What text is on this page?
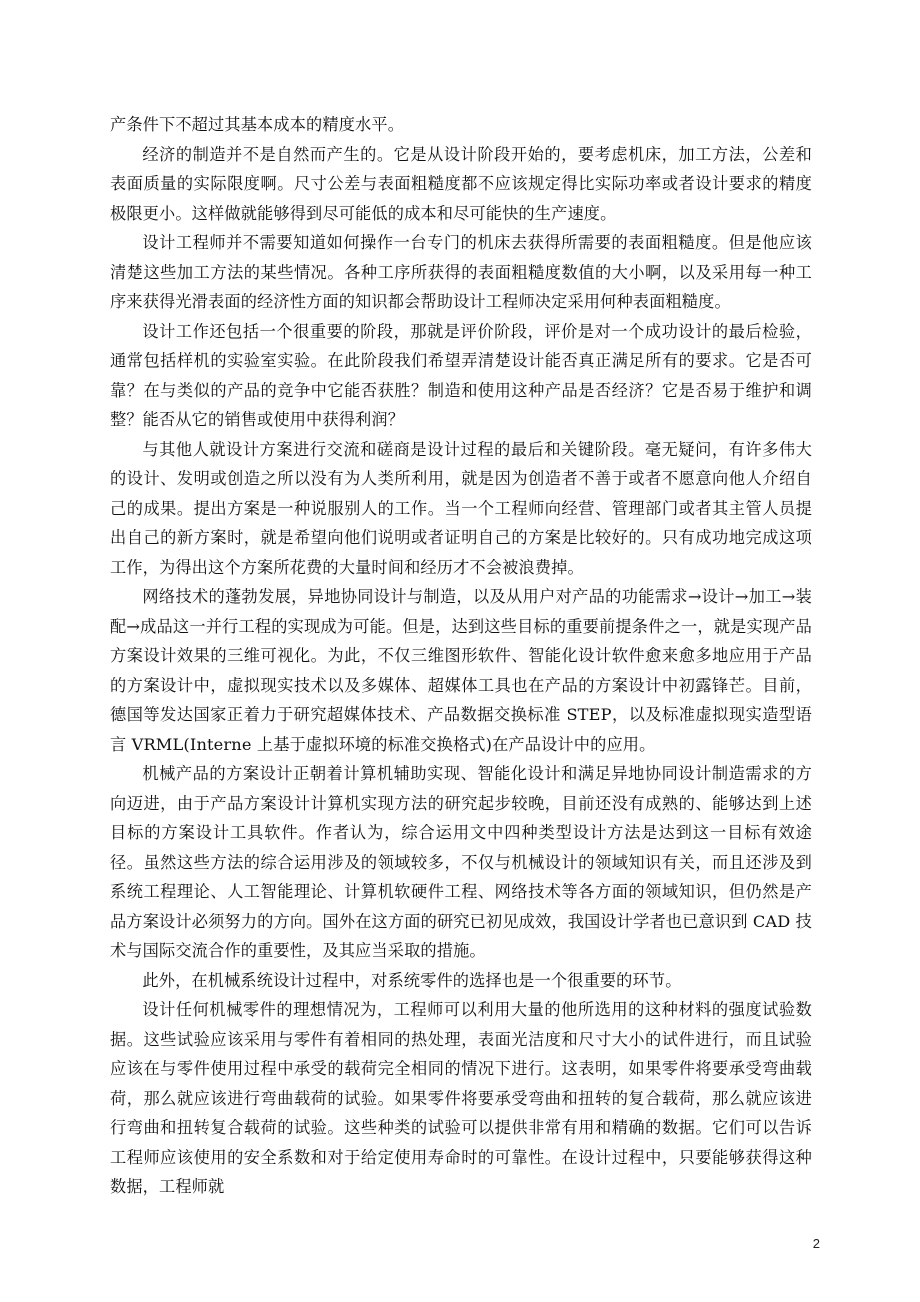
产条件下不超过其基本成本的精度水平。

经济的制造并不是自然而产生的。它是从设计阶段开始的，要考虑机床，加工方法，公差和表面质量的实际限度啊。尺寸公差与表面粗糙度都不应该规定得比实际功率或者设计要求的精度极限更小。这样做就能够得到尽可能低的成本和尽可能快的生产速度。

设计工程师并不需要知道如何操作一台专门的机床去获得所需要的表面粗糙度。但是他应该清楚这些加工方法的某些情况。各种工序所获得的表面粗糙度数值的大小啊，以及采用每一种工序来获得光滑表面的经济性方面的知识都会帮助设计工程师决定采用何种表面粗糙度。

设计工作还包括一个很重要的阶段，那就是评价阶段，评价是对一个成功设计的最后检验，通常包括样机的实验室实验。在此阶段我们希望弄清楚设计能否真正满足所有的要求。它是否可靠？在与类似的产品的竞争中它能否获胜？制造和使用这种产品是否经济？它是否易于维护和调整？能否从它的销售或使用中获得利润？

与其他人就设计方案进行交流和磋商是设计过程的最后和关键阶段。毫无疑问，有许多伟大的设计、发明或创造之所以没有为人类所利用，就是因为创造者不善于或者不愿意向他人介绍自己的成果。提出方案是一种说服别人的工作。当一个工程师向经营、管理部门或者其主管人员提出自己的新方案时，就是希望向他们说明或者证明自己的方案是比较好的。只有成功地完成这项工作，为得出这个方案所花费的大量时间和经历才不会被浪费掉。

网络技术的蓬勃发展，异地协同设计与制造，以及从用户对产品的功能需求→设计→加工→装配→成品这一并行工程的实现成为可能。但是，达到这些目标的重要前提条件之一，就是实现产品方案设计效果的三维可视化。为此，不仅三维图形软件、智能化设计软件愈来愈多地应用于产品的方案设计中，虚拟现实技术以及多媒体、超媒体工具也在产品的方案设计中初露锋芒。目前，德国等发达国家正着力于研究超媒体技术、产品数据交换标准 STEP，以及标准虚拟现实造型语言 VRML(Interne 上基于虚拟环境的标准交换格式)在产品设计中的应用。

机械产品的方案设计正朝着计算机辅助实现、智能化设计和满足异地协同设计制造需求的方向迈进，由于产品方案设计计算机实现方法的研究起步较晚，目前还没有成熟的、能够达到上述目标的方案设计工具软件。作者认为，综合运用文中四种类型设计方法是达到这一目标有效途径。虽然这些方法的综合运用涉及的领域较多，不仅与机械设计的领域知识有关，而且还涉及到系统工程理论、人工智能理论、计算机软硬件工程、网络技术等各方面的领域知识，但仍然是产品方案设计必须努力的方向。国外在这方面的研究已初见成效，我国设计学者也已意识到 CAD 技术与国际交流合作的重要性，及其应当采取的措施。

此外，在机械系统设计过程中，对系统零件的选择也是一个很重要的环节。

设计任何机械零件的理想情况为，工程师可以利用大量的他所选用的这种材料的强度试验数据。这些试验应该采用与零件有着相同的热处理，表面光洁度和尺寸大小的试件进行，而且试验应该在与零件使用过程中承受的载荷完全相同的情况下进行。这表明，如果零件将要承受弯曲载荷，那么就应该进行弯曲载荷的试验。如果零件将要承受弯曲和扭转的复合载荷，那么就应该进行弯曲和扭转复合载荷的试验。这些种类的试验可以提供非常有用和精确的数据。它们可以告诉工程师应该使用的安全系数和对于给定使用寿命时的可靠性。在设计过程中，只要能够获得这种数据，工程师就

2
